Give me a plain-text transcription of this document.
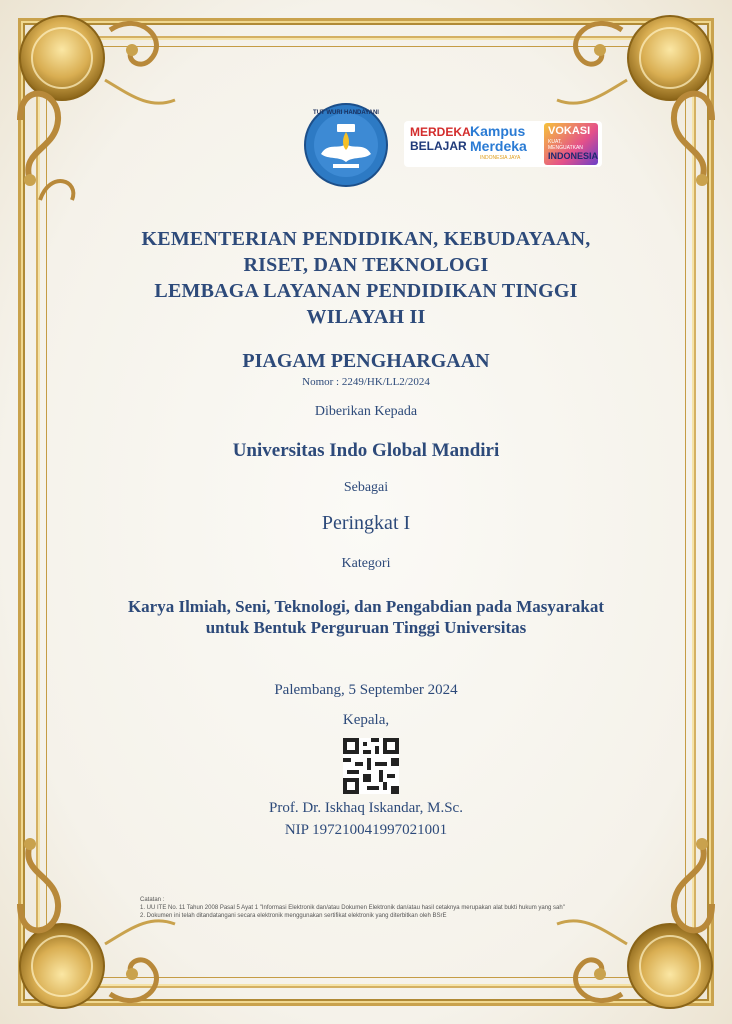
TUT WURI HANDAYANI
MERDEKA
BELAJAR
Kampus
Merdeka
INDONESIA JAYA
VOKASI
KUAT, MENGUATKAN
INDONESIA
KEMENTERIAN PENDIDIKAN, KEBUDAYAAN,
RISET, DAN TEKNOLOGI
LEMBAGA LAYANAN PENDIDIKAN TINGGI
WILAYAH II
PIAGAM PENGHARGAAN
Nomor : 2249/HK/LL2/2024
Diberikan Kepada
Universitas Indo Global Mandiri
Sebagai
Peringkat I
Kategori
Karya Ilmiah, Seni, Teknologi, dan Pengabdian pada Masyarakat
untuk Bentuk Perguruan Tinggi Universitas
Palembang, 5 September 2024
Kepala,
Prof. Dr. Iskhaq Iskandar, M.Sc.
NIP 197210041997021001
Catatan :
1. UU ITE No. 11 Tahun 2008 Pasal 5 Ayat 1 "Informasi Elektronik dan/atau Dokumen Elektronik dan/atau hasil cetaknya merupakan alat bukti hukum yang sah"
2. Dokumen ini telah ditandatangani secara elektronik menggunakan sertifikat elektronik yang diterbitkan oleh BSrE
